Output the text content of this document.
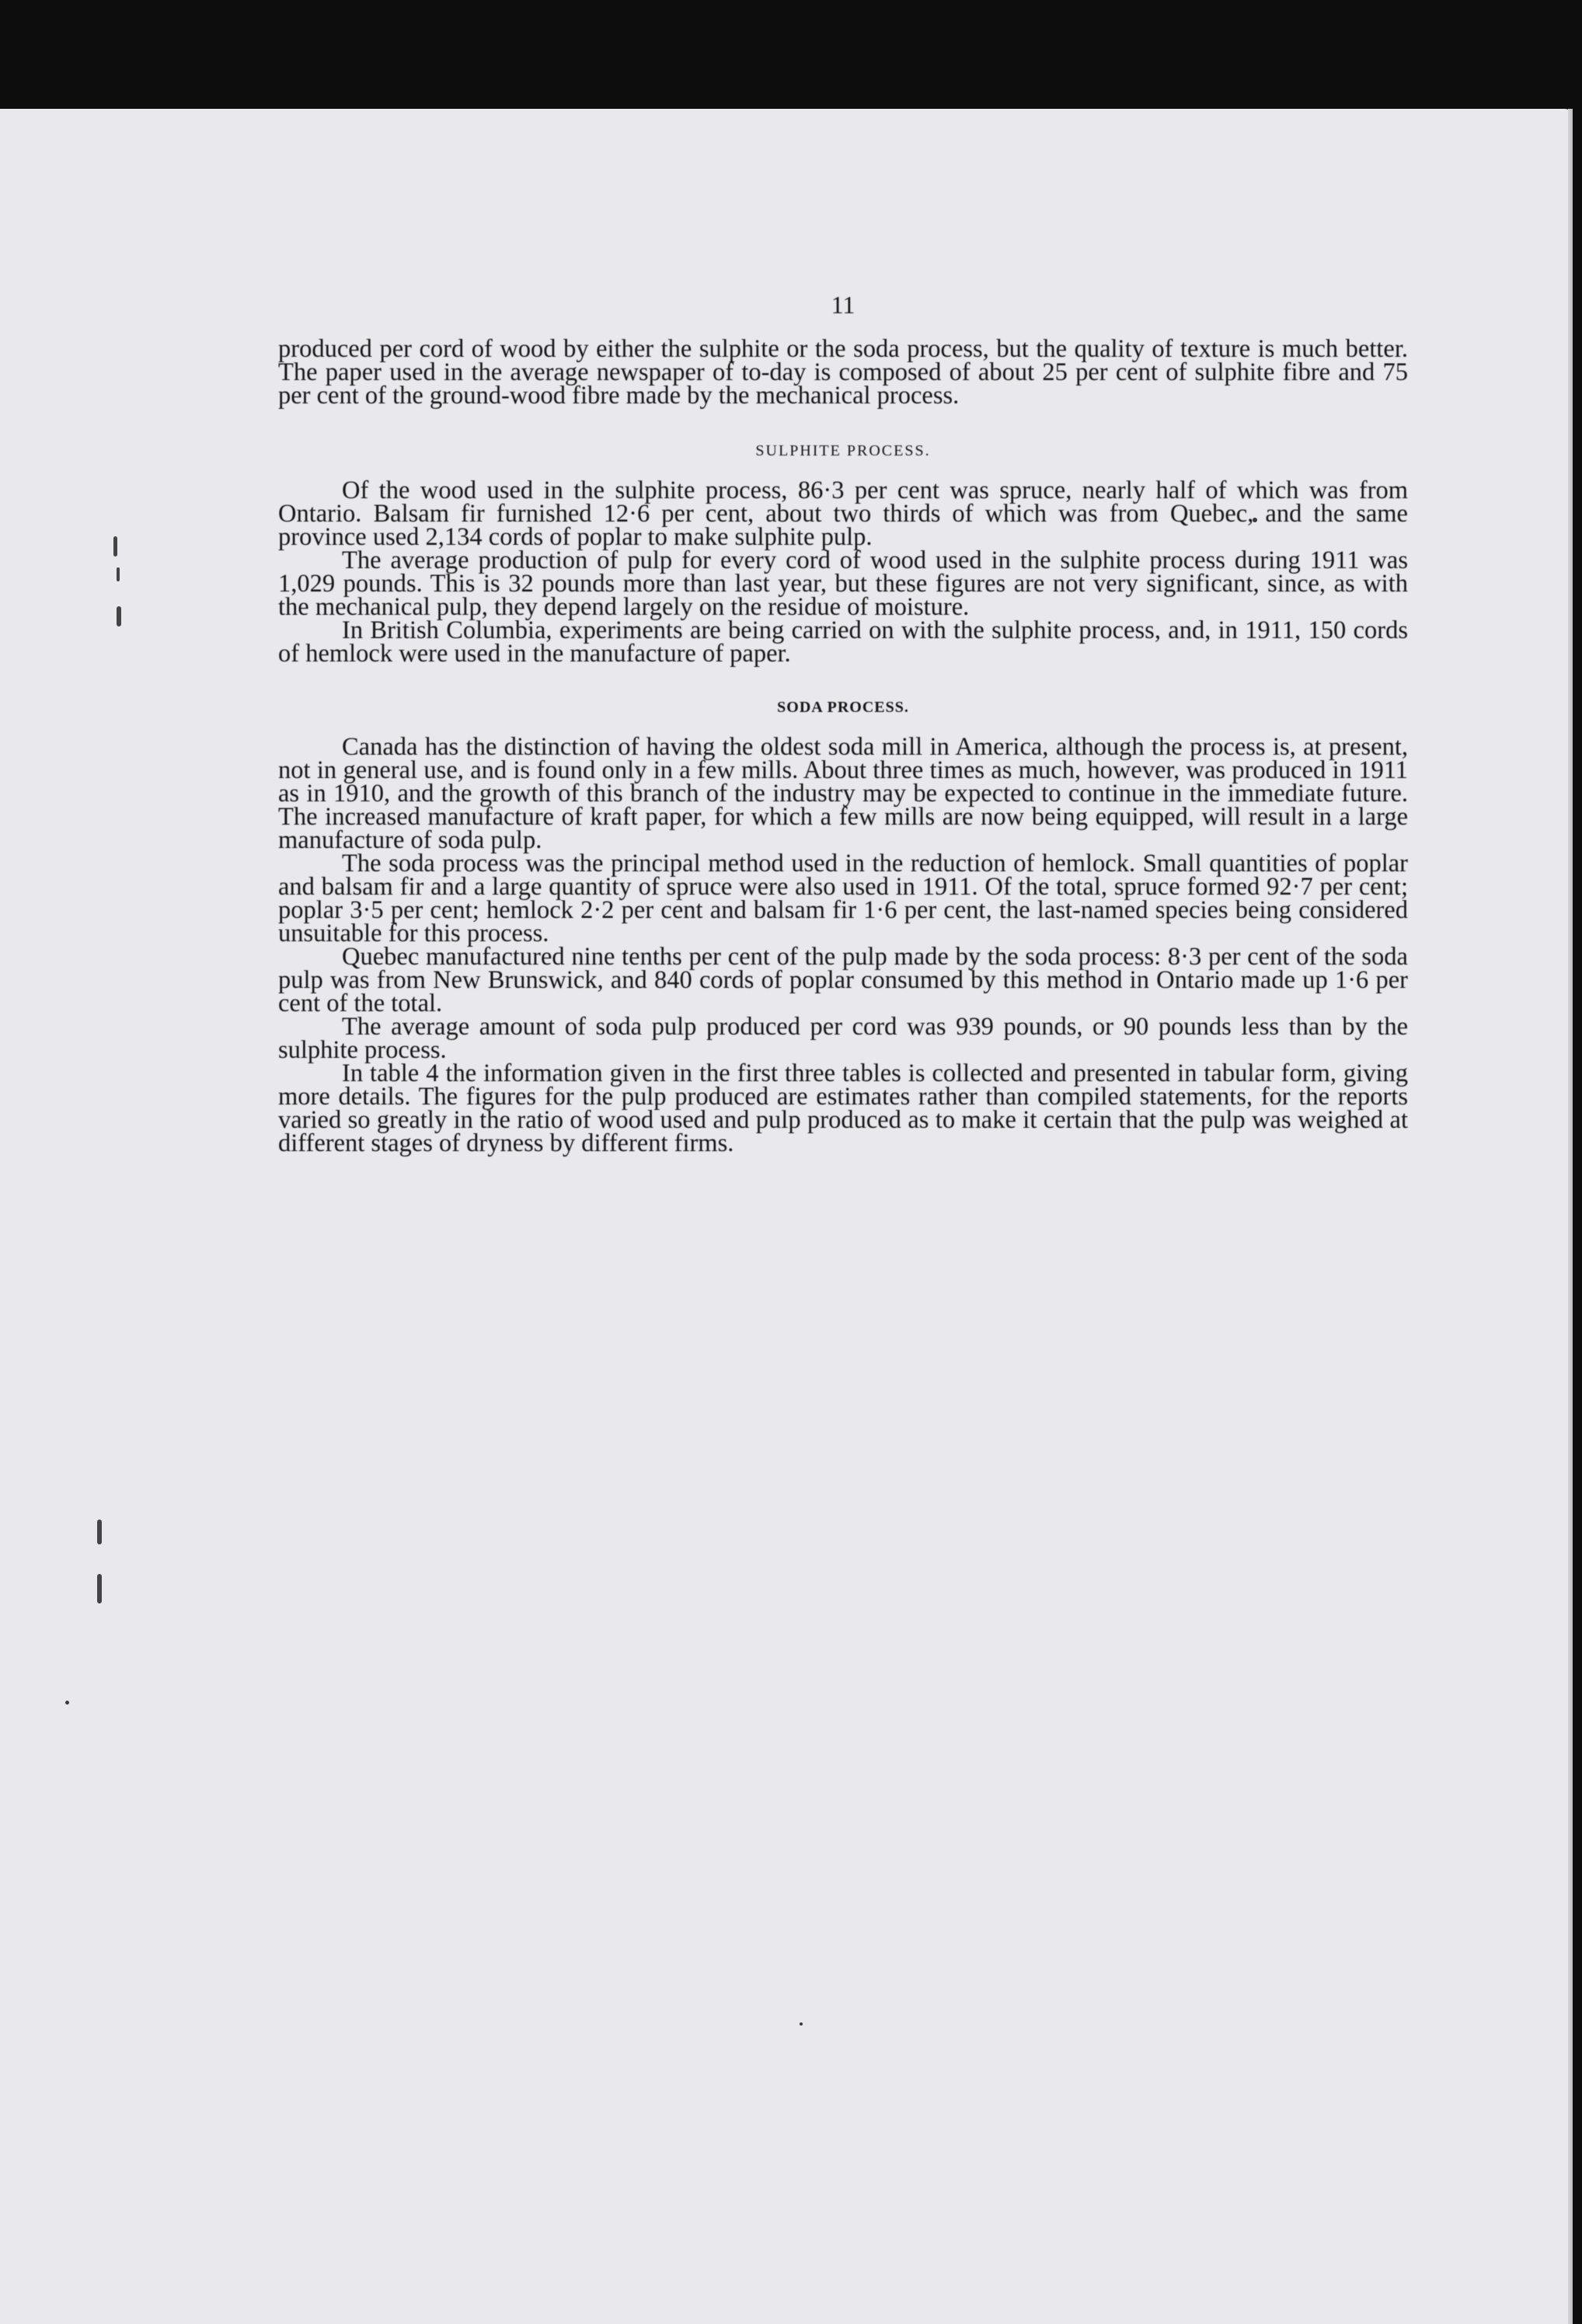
11

produced per cord of wood by either the sulphite or the soda process, but the quality of texture is much better. The paper used in the average newspaper of to-day is composed of about 25 per cent of sulphite fibre and 75 per cent of the ground-wood fibre made by the mechanical process.

SULPHITE PROCESS.

Of the wood used in the sulphite process, 86·3 per cent was spruce, nearly half of which was from Ontario. Balsam fir furnished 12·6 per cent, about two thirds of which was from Quebec, and the same province used 2,134 cords of poplar to make sulphite pulp.

The average production of pulp for every cord of wood used in the sulphite process during 1911 was 1,029 pounds. This is 32 pounds more than last year, but these figures are not very significant, since, as with the mechanical pulp, they depend largely on the residue of moisture.

In British Columbia, experiments are being carried on with the sulphite process, and, in 1911, 150 cords of hemlock were used in the manufacture of paper.

SODA PROCESS.

Canada has the distinction of having the oldest soda mill in America, although the process is, at present, not in general use, and is found only in a few mills. About three times as much, however, was produced in 1911 as in 1910, and the growth of this branch of the industry may be expected to continue in the immediate future. The increased manufacture of kraft paper, for which a few mills are now being equipped, will result in a large manufacture of soda pulp.

The soda process was the principal method used in the reduction of hemlock. Small quantities of poplar and balsam fir and a large quantity of spruce were also used in 1911. Of the total, spruce formed 92·7 per cent; poplar 3·5 per cent; hemlock 2·2 per cent and balsam fir 1·6 per cent, the last-named species being considered unsuitable for this process.

Quebec manufactured nine tenths per cent of the pulp made by the soda process: 8·3 per cent of the soda pulp was from New Brunswick, and 840 cords of poplar consumed by this method in Ontario made up 1·6 per cent of the total.

The average amount of soda pulp produced per cord was 939 pounds, or 90 pounds less than by the sulphite process.

In table 4 the information given in the first three tables is collected and presented in tabular form, giving more details. The figures for the pulp produced are estimates rather than compiled statements, for the reports varied so greatly in the ratio of wood used and pulp produced as to make it certain that the pulp was weighed at different stages of dryness by different firms.
